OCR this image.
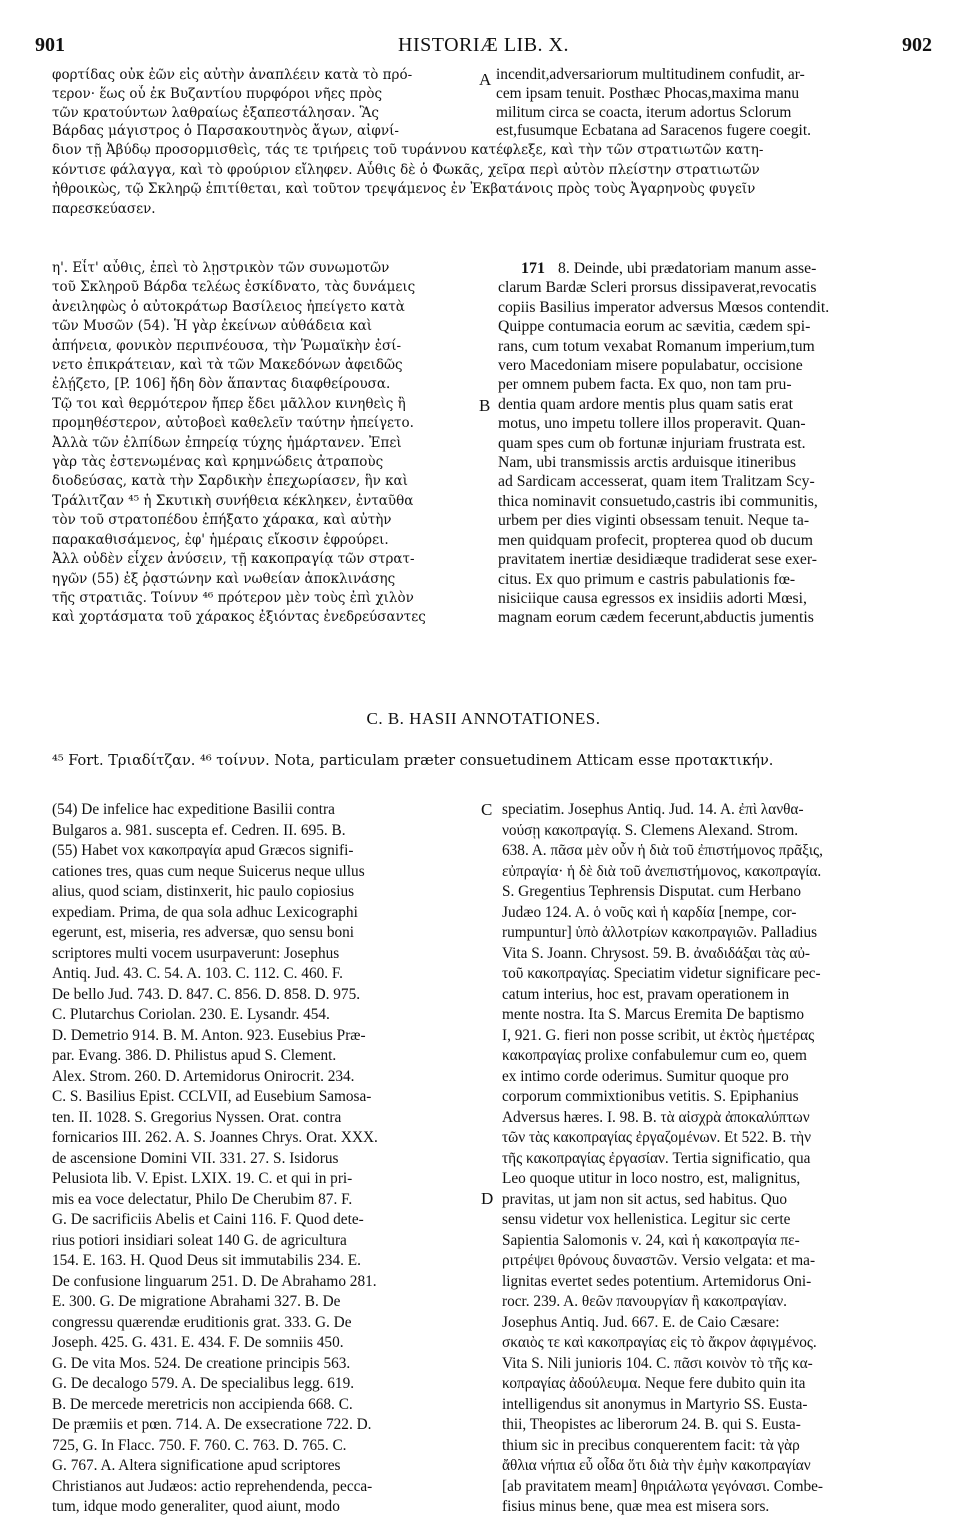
901	HISTORIÆ LIB. X.	902
φορτίδας οὐκ ἐῶν εἰς αὐτὴν ἀναπλέειν κατὰ τὸ πρό-
τερον· ἕως οὗ ἐκ Βυζαντίου πυρφόροι νῆες πρὸς
τῶν κρατούντων λαθραίως ἐξαπεστάλησαν. Ἃς
Βάρδας μάγιστρος ὁ Παρσακουτηνὸς ἄγων, αἰφνί-
incendit,adversariorum multitudinem confudit, ar-
cem ipsam tenuit. Posthæc Phocas,maxima manu
militum circa se coacta, iterum adortus Sclorum
est,fusumque Ecbatana ad Saracenos fugere coegit.
A
διον τῇ Ἀβύδῳ προσορμισθεὶς, τάς τε τριήρεις τοῦ τυράννου κατέφλεξε, καὶ τὴν τῶν στρατιωτῶν κατη-
κόντισε φάλαγγα, καὶ τὸ φρούριον εἴληφεν. Αὖθις δὲ ὁ Φωκᾶς, χεῖρα περὶ αὐτὸν πλείστην στρατιωτῶν
ἠθροικὼς, τῷ Σκληρῷ ἐπιτίθεται, καὶ τοῦτον τρεψάμενος ἐν Ἐκβατάνοις πρὸς τοὺς Ἀγαρηνοὺς φυγεῖν
παρεσκεύασεν.
171
η'. Εἶτ' αὖθις, ἐπεὶ τὸ λῃστρικὸν τῶν συνωμοτῶν
τοῦ Σκληροῦ Βάρδα τελέως ἐσκίδνατο, τὰς δυνάμεις
ἀνειληφὼς ὁ αὐτοκράτωρ Βασίλειος ἠπείγετο κατὰ
τῶν Μυσῶν (54). Ἡ γὰρ ἐκείνων αὐθάδεια καὶ
ἀπήνεια, φονικὸν περιπνέουσα, τὴν Ῥωμαϊκὴν ἐσί-
νετο ἐπικράτειαν, καὶ τὰ τῶν Μακεδόνων ἀφειδῶς
ἐλῄζετο, [P. 106] ἤδη δὸν ἅπαντας διαφθείρουσα.
Τῷ τοι καὶ θερμότερον ἤπερ ἔδει μᾶλλον κινηθεὶς ἢ
προμηθέστερον, αὐτοβοεὶ καθελεῖν ταύτην ἠπείγετο.
Ἀλλὰ τῶν ἐλπίδων ἐπηρείᾳ τύχης ἡμάρτανεν. Ἐπεὶ
γὰρ τὰς ἐστενωμένας καὶ κρημνώδεις ἀτραποὺς
διοδεύσας, κατὰ τὴν Σαρδικὴν ἐπεχωρίασεν, ἣν καὶ
Τράλιτζαν ⁴⁵ ἡ Σκυτικὴ συνήθεια κέκληκεν, ἐνταῦθα
τὸν τοῦ στρατοπέδου ἐπήξατο χάρακα, καὶ αὐτὴν
παρακαθισάμενος, ἐφ' ἡμέραις εἴκοσιν ἐφρούρει.
Ἀλλ οὐδὲν εἶχεν ἀνύσειν, τῇ κακοπραγίᾳ τῶν στρατ-
ηγῶν (55) ἐξ ῥᾳστώνην καὶ νωθείαν ἀποκλινάσης
τῆς στρατιᾶς. Τοίνυν ⁴⁶ πρότερον μὲν τοὺς ἐπὶ χιλὸν
καὶ χορτάσματα τοῦ χάρακος ἐξιόντας ἐνεδρεύσαντες
8. Deinde, ubi prædatoriam manum asse-
clarum Bardæ Scleri prorsus dissipaverat,revocatis
copiis Basilius imperator adversus Mœsos contendit.
Quippe contumacia eorum ac sævitia, cædem spi-
rans, cum totum vexabat Romanum imperium,tum
vero Macedoniam misere populabatur, occisione
per omnem pubem facta. Ex quo, non tam pru-
dentia quam ardore mentis plus quam satis erat
motus, uno impetu tollere illos properavit. Quan-
quam spes cum ob fortunæ injuriam frustrata est.
Nam, ubi transmissis arctis arduisque itineribus
ad Sardicam accesserat, quam item Tralitzam Scy-
thica nominavit consuetudo,castris ibi communitis,
urbem per dies viginti obsessam tenuit. Neque ta-
men quidquam profecit, propterea quod ob ducum
pravitatem inertiæ desidiæque tradiderat sese exer-
citus. Ex quo primum e castris pabulationis fœ-
nisiciique causa egressos ex insidiis adorti Mœsi,
magnam eorum cædem fecerunt,abductis jumentis
B
C. B. HASII ANNOTATIONES.
⁴⁵ Fort. Τριαδίτζαν. ⁴⁶ τοίνυν. Nota, particulam præter consuetudinem Atticam esse προτακτικήν.
(54) De infelice hac expeditione Basilii contra
Bulgaros a. 981. suscepta ef. Cedren. II. 695. B.
(55) Habet vox κακοπραγία apud Græcos signifi-
cationes tres, quas cum neque Suicerus neque ullus
alius, quod sciam, distinxerit, hic paulo copiosius
expediam. Prima, de qua sola adhuc Lexicographi
egerunt, est, miseria, res adversæ, quo sensu boni
scriptores multi vocem usurpaverunt: Josephus
Antiq. Jud. 43. C. 54. A. 103. C. 112. C. 460. F.
De bello Jud. 743. D. 847. C. 856. D. 858. D. 975.
C. Plutarchus Coriolan. 230. E. Lysandr. 454.
D. Demetrio 914. B. M. Anton. 923. Eusebius Præ-
par. Evang. 386. D. Philistus apud S. Clement.
Alex. Strom. 260. D. Artemidorus Onirocrit. 234.
C. S. Basilius Epist. CCLVII, ad Eusebium Samosa-
ten. II. 1028. S. Gregorius Nyssen. Orat. contra
fornicarios III. 262. A. S. Joannes Chrys. Orat. XXX.
de ascensione Domini VII. 331. 27. S. Isidorus
Pelusiota lib. V. Epist. LXIX. 19. C. et qui in pri-
mis ea voce delectatur, Philo De Cherubim 87. F.
G. De sacrificiis Abelis et Caini 116. F. Quod dete-
rius potiori insidiari soleat 140 G. de agricultura
154. E. 163. H. Quod Deus sit immutabilis 234. E.
De confusione linguarum 251. D. De Abrahamo 281.
E. 300. G. De migratione Abrahami 327. B. De
congressu quærendæ eruditionis grat. 333. G. De
Joseph. 425. G. 431. E. 434. F. De somniis 450.
G. De vita Mos. 524. De creatione principis 563.
G. De decalogo 579. A. De specialibus legg. 619.
B. De mercede meretricis non accipienda 668. C.
De præmiis et pœn. 714. A. De exsecratione 722. D.
725, G. In Flacc. 750. F. 760. C. 763. D. 765. C.
G. 767. A. Altera significatione apud scriptores
Christianos aut Judæos: actio reprehendenda, pecca-
tum, idque modo generaliter, quod aiunt, modo
speciatim. Josephus Antiq. Jud. 14. A. ἐπὶ λανθα-
νούσῃ κακοπραγίᾳ. S. Clemens Alexand. Strom.
638. A. πᾶσα μὲν οὖν ἡ διὰ τοῦ ἐπιστήμονος πρᾶξις,
εὐπραγία· ἡ δὲ διὰ τοῦ ἀνεπιστήμονος, κακοπραγία.
S. Gregentius Tephrensis Disputat. cum Herbano
Judæo 124. A. ὁ νοῦς καὶ ἡ καρδία [nempe, cor-
rumpuntur] ὑπὸ ἀλλοτρίων κακοπραγιῶν. Palladius
Vita S. Joann. Chrysost. 59. B. ἀναδιδάξαι τὰς αὐ-
τοῦ κακοπραγίας. Speciatim videtur significare pec-
catum interius, hoc est, pravam operationem in
mente nostra. Ita S. Marcus Eremita De baptismo
I, 921. G. fieri non posse scribit, ut ἐκτὸς ἡμετέρας
κακοπραγίας prolixe confabulemur cum eo, quem
ex intimo corde oderimus. Sumitur quoque pro
corporum commixtionibus vetitis. S. Epiphanius
Adversus hæres. I. 98. B. τὰ αἰσχρὰ ἀποκαλύπτων
τῶν τὰς κακοπραγίας ἐργαζομένων. Et 522. B. τὴν
τῆς κακοπραγίας ἐργασίαν. Tertia significatio, qua
Leo quoque utitur in loco nostro, est, malignitus,
pravitas, ut jam non sit actus, sed habitus. Quo
sensu videtur vox hellenistica. Legitur sic certe
Sapientia Salomonis v. 24, καὶ ἡ κακοπραγία πε-
ριτρέψει θρόνους δυναστῶν. Versio velgata: et ma-
lignitas evertet sedes potentium. Artemidorus Oni-
rocr. 239. A. θεῶν πανουργίαν ἢ κακοπραγίαν.
Josephus Antiq. Jud. 667. E. de Caio Cæsare:
σκαιὸς τε καὶ κακοπραγίας εἰς τὸ ἄκρον ἀφιγμένος.
Vita S. Nili junioris 104. C. πᾶσι κοινὸν τὸ τῆς κα-
κοπραγίας ἀδούλευμα. Neque fere dubito quin ita
intelligendus sit anonymus in Martyrio SS. Eusta-
thii, Theopistes ac liberorum 24. B. qui S. Eusta-
thium sic in precibus conquerentem facit: τὰ γὰρ
ἄθλια νήπια εὖ οἶδα ὅτι διὰ τὴν ἐμὴν κακοπραγίαν
[ab pravitatem meam] θηριάλωτα γεγόνασι. Combe-
fisius minus bene, quæ mea est misera sors.
C
D
